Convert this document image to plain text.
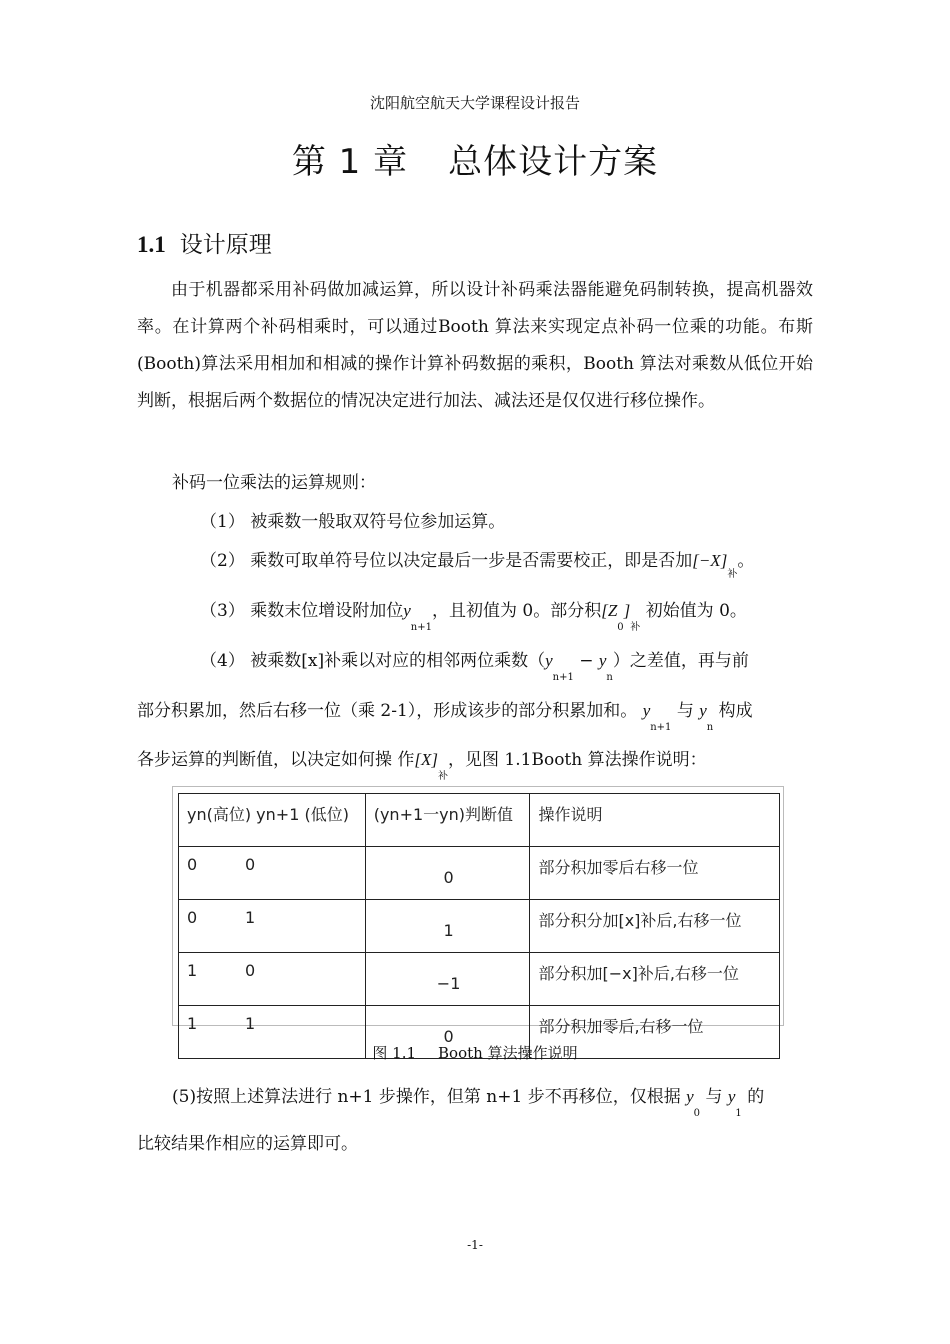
沈阳航空航天大学课程设计报告
第 1 章 总体设计方案
1.1 设计原理
由于机器都采用补码做加减运算，所以设计补码乘法器能避免码制转换，提高机器效率。在计算两个补码相乘时，可以通过Booth 算法来实现定点补码一位乘的功能。布斯(Booth)算法采用相加和相减的操作计算补码数据的乘积，Booth 算法对乘数从低位开始判断，根据后两个数据位的情况决定进行加法、减法还是仅仅进行移位操作。
补码一位乘法的运算规则：
（1） 被乘数一般取双符号位参加运算。
（2） 乘数可取单符号位以决定最后一步是否需要校正，即是否加$[-X]_补$。
（3） 乘数末位增设附加位$y_{n+1}$，且初值为 0。部分积$[Z_0]_补$ 初始值为 0。
（4） 被乘数[x]补乘以对应的相邻两位乘数$(y_{n+1} - y_n)$之差值，再与前
部分积累加，然后右移一位（乘 2-1），形成该步的部分积累加和。 $y_{n+1}$ 与 $y_n$ 构成
各步运算的判断值，以决定如何操 作$[X]_补$，见图 1.1Booth 算法操作说明：
yn(高位) yn+1 (低位)	(yn+1一yn)判断值	操作说明
0 0	0	部分积加零后右移一位
0 1	1	部分积分加[x]补后,右移一位
1 0	−1	部分积加[−x]补后,右移一位
1 1	0	部分积加零后,右移一位
图 1.1 Booth 算法操作说明
(5)按照上述算法进行 n+1 步操作，但第 n+1 步不再移位，仅根据 $y_0$ 与 $y_1$ 的
比较结果作相应的运算即可。
-1-
